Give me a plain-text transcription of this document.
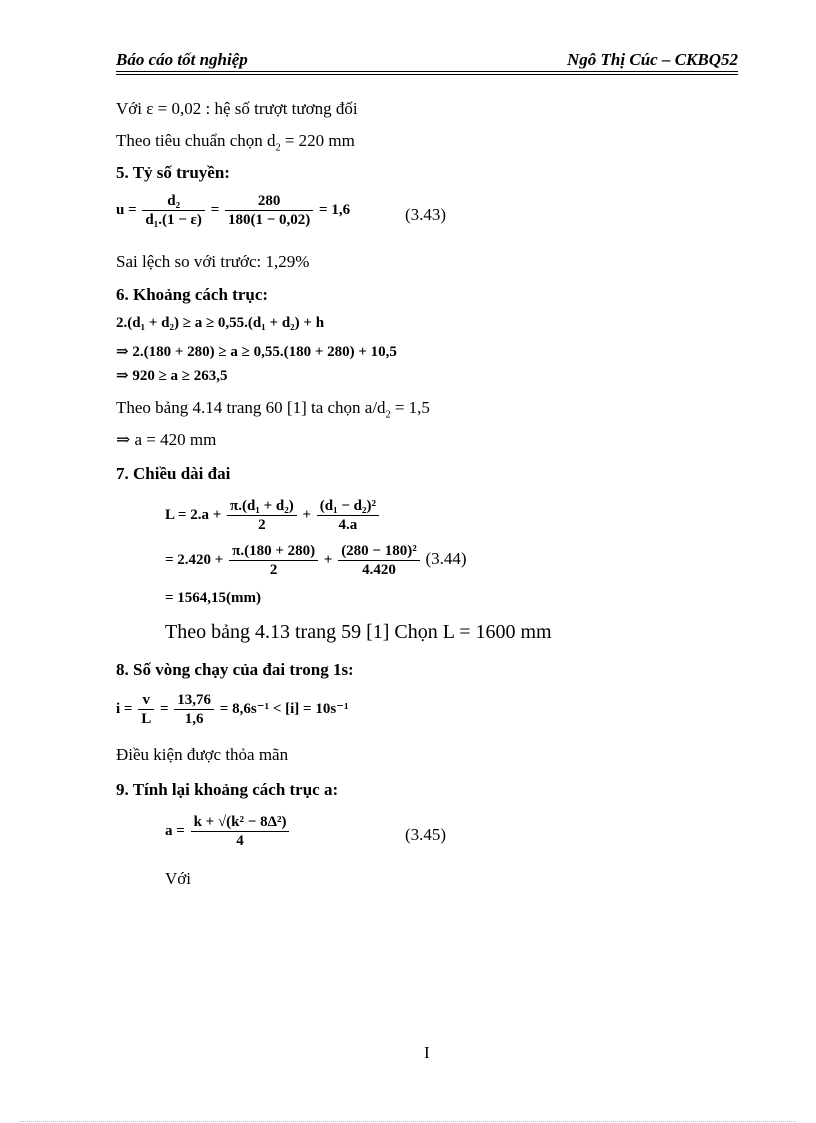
Báo cáo tốt nghiệp	Ngô Thị Cúc – CKBQ52
Với ε = 0,02 : hệ số trượt tương đối
Theo tiêu chuẩn chọn $d_2 = 220$ mm
5. Tỷ số truyền:
$u = \frac{\text{d₂}}{\text{d₁.(1 − ε)}} = \frac{280}{180(1 - 0,02)} = 1,6$	(3.43)
Sai lệch so với trước: 1,29%
6. Khoảng cách trục:
2.(d₁ + d₂) ≥ a ≥ 0,55.(d₁ + d₂) + h
⇒ 2.(180 + 280) ≥ a ≥ 0,55.(180 + 280) + 10,5
⇒ 920 ≥ a ≥ 263,5
Theo bảng 4.14 trang 60 [1] ta chọn $a/d_2 = 1,5$
⇒ a = 420 mm
7. Chiều dài đai
$L = 2.a + \frac{\text{π.(d₁ + d₂)}}{2} + \frac{\text{(d₁ − d₂)²}}{4.a}$
= $2.420 + \frac{\pi.(180 + 280)}{2} + \frac{\text{(280 − 180)²}}{4.420} (3.44)$
= 1564,15(mm)
Theo bảng 4.13 trang 59 [1] Chọn L = 1600 mm
8. Số vòng chạy của đai trong 1s:
$i = \frac{v}{L} = \frac{13,76}{1,6} = 8,6s^{-1} < [i] = 10s^{-1}$
Điều kiện được thỏa mãn
9. Tính lại khoảng cách trục a:
$a = \frac{\text{k + √(k² − 8Δ²)}}{4}$	(3.45)
Với
I
